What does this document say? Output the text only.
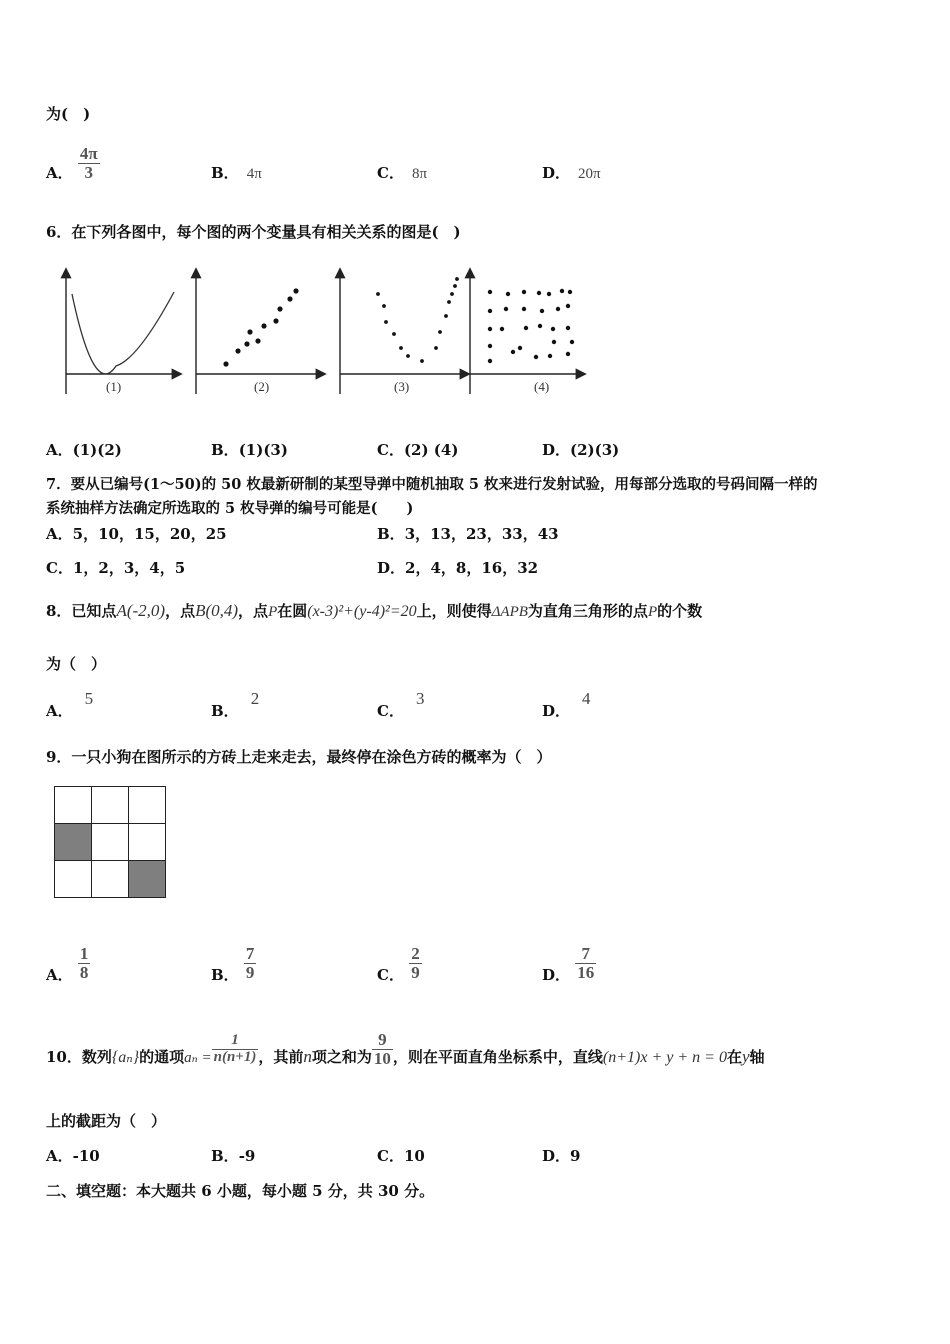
为(　)
A． $\frac{4\pi}{3}$	B． 4π	C． 8π	D． 20π
6．在下列各图中，每个图的两个变量具有相关关系的图是(　)
(1)	(2)	(3)	(4)
A．(1)(2)	B．(1)(3)	C．(2) (4)	D．(2)(3)
7．要从已编号(1～50)的 50 枚最新研制的某型导弹中随机抽取 5 枚来进行发射试验，用每部分选取的号码间隔一样的
系统抽样方法确定所选取的 5 枚导弹的编号可能是(　　)
A．5，10，15，20，25	B．3，13，23，33，43
C．1，2，3，4，5	D．2，4，8，16，32
8．已知点A(-2,0)，点B(0,4)，点P在圆(x-3)²+(y-4)²=20上，则使得ΔAPB为直角三角形的点P的个数
为（　）
A．5
B．2
C．3
D．4
9．一只小狗在图所示的方砖上走来走去，最终停在涂色方砖的概率为（　）

A． $\frac{1}{8}$	B． $\frac{7}{9}$	C． $\frac{2}{9}$	D． $\frac{7}{16}$
10．数列{aₙ}的通项$a_n = \frac{1}{n(n+1)}$ ，其前n项之和为 $\frac{9}{10}$ ，则在平面直角坐标系中，直线(n+1)x + y + n = 0在y轴
上的截距为（　）
A．-10	B．-9	C．10	D．9
二、填空题：本大题共 6 小题，每小题 5 分，共 30 分。
